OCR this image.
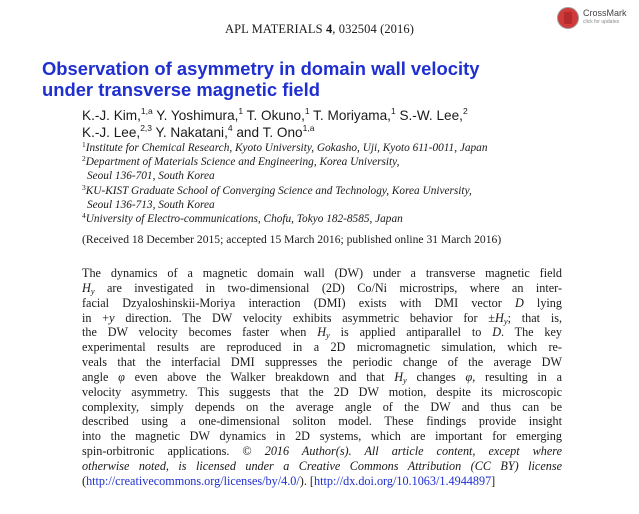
APL MATERIALS 4, 032504 (2016)
CrossMark
click for updates
Observation of asymmetry in domain wall velocity
under transverse magnetic field
K.-J. Kim,$^{1,a}$ Y. Yoshimura,$^1$ T. Okuno,$^1$ T. Moriyama,$^1$ S.-W. Lee,$^2$
K.-J. Lee,$^{2,3}$ Y. Nakatani,$^4$ and T. Ono$^{1,a}$
$^1$Institute for Chemical Research, Kyoto University, Gokasho, Uji, Kyoto 611-0011, Japan
$^2$Department of Materials Science and Engineering, Korea University,
Seoul 136-701, South Korea
$^3$KU-KIST Graduate School of Converging Science and Technology, Korea University,
Seoul 136-713, South Korea
$^4$University of Electro-communications, Chofu, Tokyo 182-8585, Japan
(Received 18 December 2015; accepted 15 March 2016; published online 31 March 2016)
The dynamics of a magnetic domain wall (DW) under a transverse magnetic field
$H_y$ are investigated in two-dimensional (2D) Co/Ni microstrips, where an inter-
facial Dzyaloshinskii-Moriya interaction (DMI) exists with DMI vector D lying
in +y direction. The DW velocity exhibits asymmetric behavior for $\pm H_y$; that is,
the DW velocity becomes faster when $H_y$ is applied antiparallel to D. The key
experimental results are reproduced in a 2D micromagnetic simulation, which re-
veals that the interfacial DMI suppresses the periodic change of the average DW
angle φ even above the Walker breakdown and that $H_y$ changes φ, resulting in a
velocity asymmetry. This suggests that the 2D DW motion, despite its microscopic
complexity, simply depends on the average angle of the DW and thus can be
described using a one-dimensional soliton model. These findings provide insight
into the magnetic DW dynamics in 2D systems, which are important for emerging
spin-orbitronic applications. © 2016 Author(s). All article content, except where
otherwise noted, is licensed under a Creative Commons Attribution (CC BY) license
(http://creativecommons.org/licenses/by/4.0/). [http://dx.doi.org/10.1063/1.4944897]
